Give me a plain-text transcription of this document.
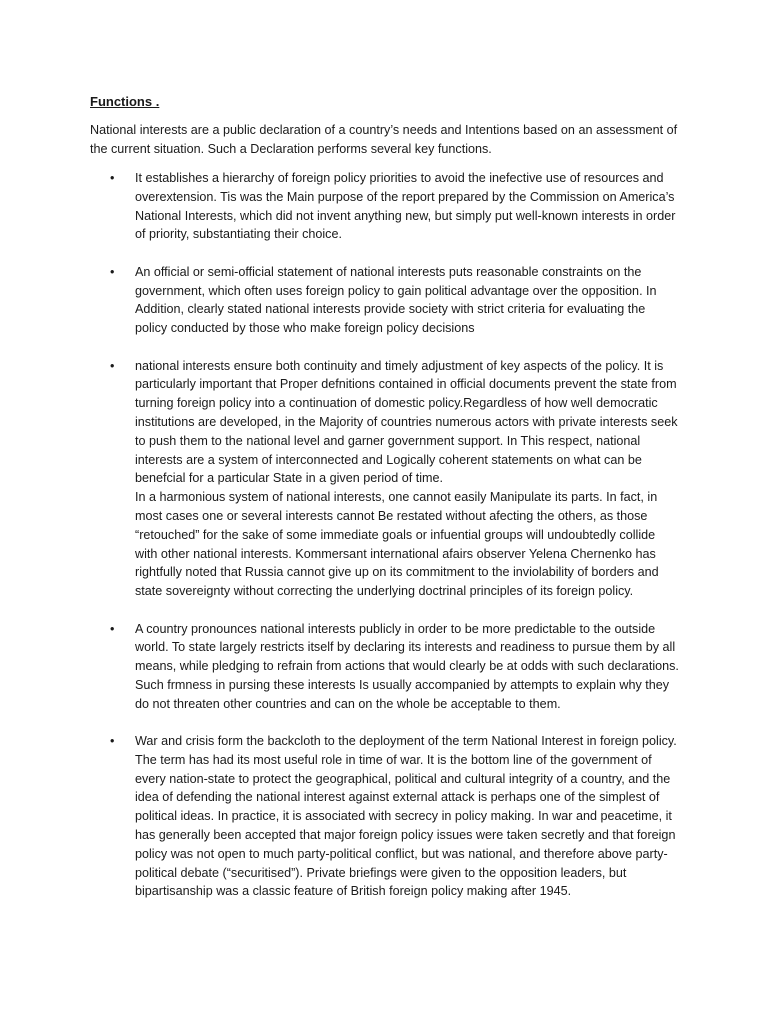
Functions .

National interests are a public declaration of a country’s needs and Intentions based on an assessment of the current situation. Such a Declaration performs several key functions.

• It establishes a hierarchy of foreign policy priorities to avoid the inefective use of resources and overextension. Tis was the Main purpose of the report prepared by the Commission on America’s National Interests, which did not invent anything new, but simply put well-known interests in order of priority, substantiating their choice.

• An official or semi-official statement of national interests puts reasonable constraints on the government, which often uses foreign policy to gain political advantage over the opposition. In Addition, clearly stated national interests provide society with strict criteria for evaluating the policy conducted by those who make foreign policy decisions

• national interests ensure both continuity and timely adjustment of key aspects of the policy. It is particularly important that Proper defnitions contained in official documents prevent the state from turning foreign policy into a continuation of domestic policy.Regardless of how well democratic institutions are developed, in the Majority of countries numerous actors with private interests seek to push them to the national level and garner government support. In This respect, national interests are a system of interconnected and Logically coherent statements on what can be benefcial for a particular State in a given period of time.

In a harmonious system of national interests, one cannot easily Manipulate its parts. In fact, in most cases one or several interests cannot Be restated without afecting the others, as those “retouched” for the sake of some immediate goals or infuential groups will undoubtedly collide with other national interests. Kommersant international afairs observer Yelena Chernenko has rightfully noted that Russia cannot give up on its commitment to the inviolability of borders and state sovereignty without correcting the underlying doctrinal principles of its foreign policy.

• A country pronounces national interests publicly in order to be more predictable to the outside world. To state largely restricts itself by declaring its interests and readiness to pursue them by all means, while pledging to refrain from actions that would clearly be at odds with such declarations. Such frmness in pursing these interests Is usually accompanied by attempts to explain why they do not threaten other countries and can on the whole be acceptable to them.

• War and crisis form the backcloth to the deployment of the term National Interest in foreign policy. The term has had its most useful role in time of war. It is the bottom line of the government of every nation-state to protect the geographical, political and cultural integrity of a country, and the idea of defending the national interest against external attack is perhaps one of the simplest of political ideas. In practice, it is associated with secrecy in policy making. In war and peacetime, it has generally been accepted that major foreign policy issues were taken secretly and that foreign policy was not open to much party-political conflict, but was national, and therefore above party-political debate (“securitised”). Private briefings were given to the opposition leaders, but bipartisanship was a classic feature of British foreign policy making after 1945.
